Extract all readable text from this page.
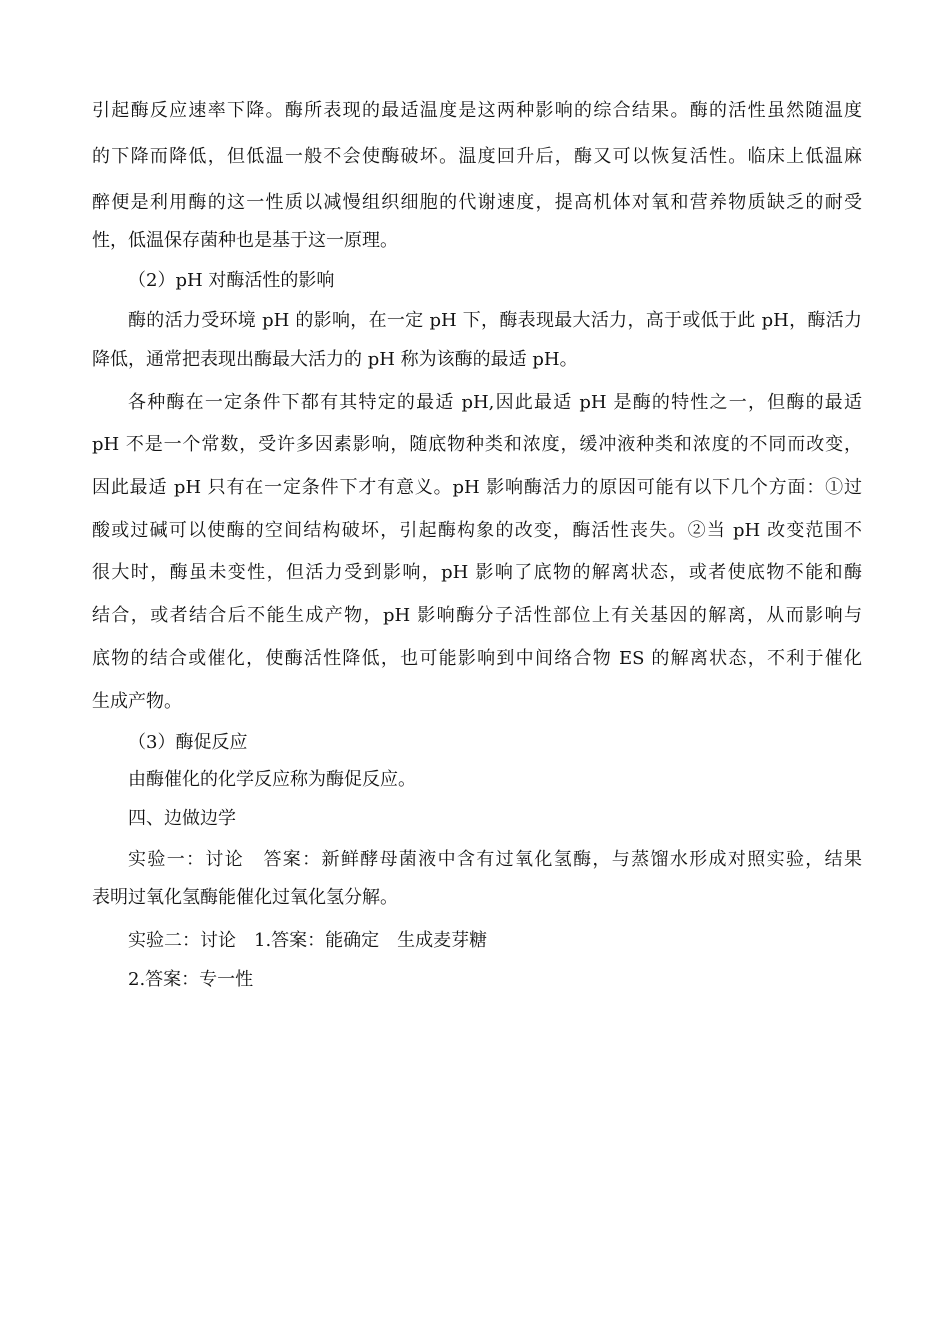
引起酶反应速率下降。酶所表现的最适温度是这两种影响的综合结果。酶的活性虽然随温度
的下降而降低，但低温一般不会使酶破坏。温度回升后，酶又可以恢复活性。临床上低温麻
醉便是利用酶的这一性质以减慢组织细胞的代谢速度，提高机体对氧和营养物质缺乏的耐受
性，低温保存菌种也是基于这一原理。
（2）pH 对酶活性的影响
酶的活力受环境 pH 的影响，在一定 pH 下，酶表现最大活力，高于或低于此 pH，酶活力
降低，通常把表现出酶最大活力的 pH 称为该酶的最适 pH。
各种酶在一定条件下都有其特定的最适 pH,因此最适 pH 是酶的特性之一，但酶的最适
pH 不是一个常数，受许多因素影响，随底物种类和浓度，缓冲液种类和浓度的不同而改变，
因此最适 pH 只有在一定条件下才有意义。pH 影响酶活力的原因可能有以下几个方面：①过
酸或过碱可以使酶的空间结构破坏，引起酶构象的改变，酶活性丧失。②当 pH 改变范围不
很大时，酶虽未变性，但活力受到影响，pH 影响了底物的解离状态，或者使底物不能和酶
结合，或者结合后不能生成产物，pH 影响酶分子活性部位上有关基因的解离，从而影响与
底物的结合或催化，使酶活性降低，也可能影响到中间络合物 ES 的解离状态，不利于催化
生成产物。
（3）酶促反应
由酶催化的化学反应称为酶促反应。
四、边做边学
实验一：讨论　答案：新鲜酵母菌液中含有过氧化氢酶，与蒸馏水形成对照实验，结果
表明过氧化氢酶能催化过氧化氢分解。
实验二：讨论　1.答案：能确定　生成麦芽糖
2.答案：专一性
